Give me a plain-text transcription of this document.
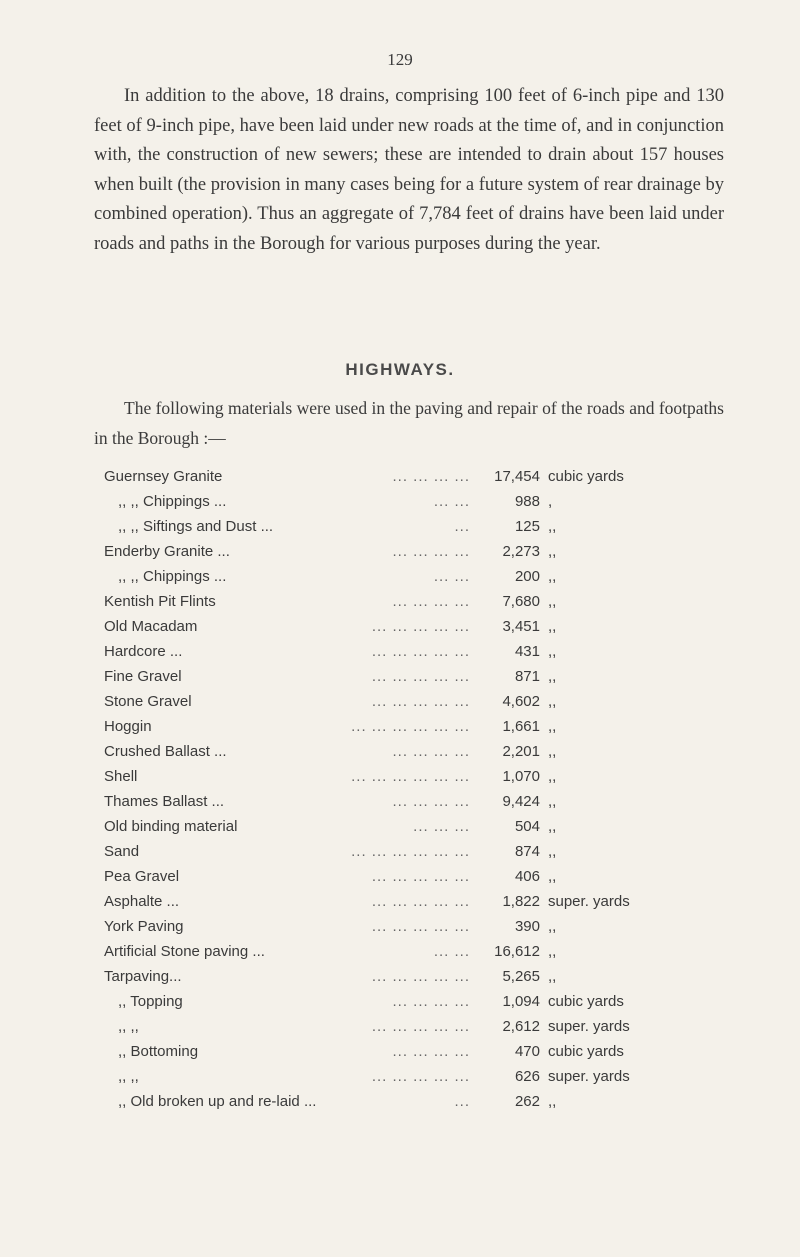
129
In addition to the above, 18 drains, comprising 100 feet of 6-inch pipe and 130 feet of 9-inch pipe, have been laid under new roads at the time of, and in conjunction with, the construction of new sewers; these are intended to drain about 157 houses when built (the provision in many cases being for a future system of rear drainage by combined operation). Thus an aggregate of 7,784 feet of drains have been laid under roads and paths in the Borough for various purposes during the year.
HIGHWAYS.
The following materials were used in the paving and repair of the roads and footpaths in the Borough :—
Guernsey Granite	... ... ... ...	17,454 cubic yards
,, ,, Chippings ...	... ...	988 ,
,, ,, Siftings and Dust ...	...	125 ,,
Enderby Granite ...	... ... ... ...	2,273 ,,
,, ,, Chippings ...	... ...	200 ,,
Kentish Pit Flints	... ... ... ...	7,680 ,,
Old Macadam	... ... ... ... ...	3,451 ,,
Hardcore ...	... ... ... ... ...	431 ,,
Fine Gravel	... ... ... ... ...	871 ,,
Stone Gravel	... ... ... ... ...	4,602 ,,
Hoggin	... ... ... ... ... ...	1,661 ,,
Crushed Ballast ...	... ... ... ...	2,201 ,,
Shell	... ... ... ... ... ...	1,070 ,,
Thames Ballast ...	... ... ... ...	9,424 ,,
Old binding material	... ... ...	504 ,,
Sand	... ... ... ... ... ...	874 ,,
Pea Gravel	... ... ... ... ...	406 ,,
Asphalte ...	... ... ... ... ...	1,822 super. yards
York Paving	... ... ... ... ...	390 ,,
Artificial Stone paving ...	... ...	16,612 ,,
Tarpaving...	... ... ... ... ...	5,265 ,,
,, Topping	... ... ... ...	1,094 cubic yards
,, ,,	... ... ... ... ...	2,612 super. yards
,, Bottoming	... ... ... ...	470 cubic yards
,, ,,	... ... ... ... ...	626 super. yards
,, Old broken up and re-laid ...	...	262 ,,
